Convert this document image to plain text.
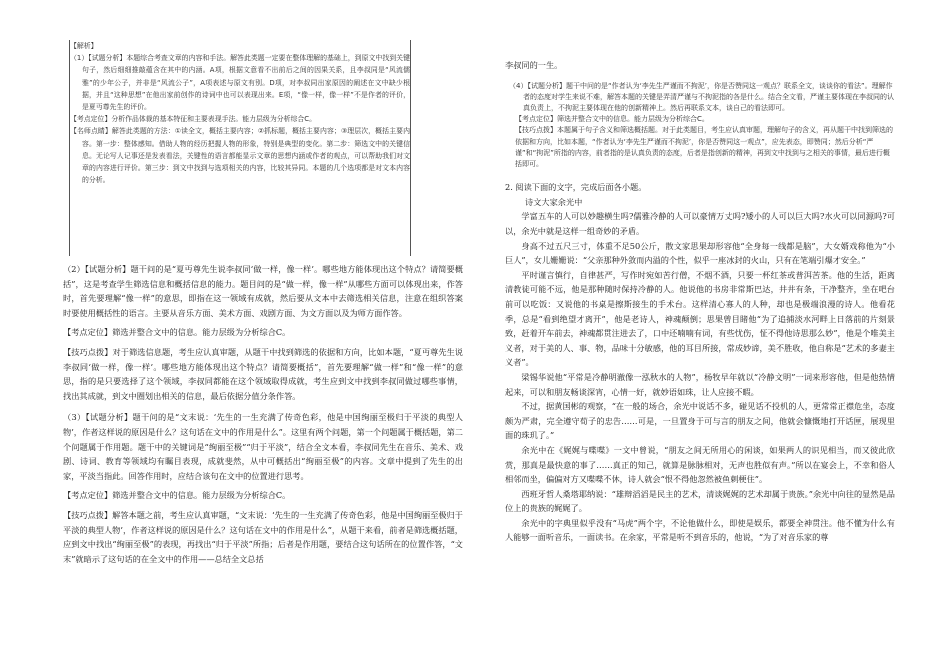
【解析】

（1）【试题分析】本题综合考查文章的内容和手法。解答此类题一定要在整体理解的基础上，到原文中找到关键句子，然后细细推敲蕴含在其中的内涵。A项，根据文意看不出前后之间的因果关系，且李叔同是“风流儒雅”的少年公子，并非是“风流公子”，A项表述与原文有别。D项，对李叔同出家原因的阐述在文中缺少根据，并且“这种思想”在他出家前创作的诗词中也可以表现出来。E项，“像一样，像一样”不是作者的评价，是夏丏尊先生的评价。

【考点定位】分析作品体裁的基本特征和主要表现手法。能力层级为分析综合C。

【名师点睛】解答此类题的方法：①读全文，概括主要内容；②抓标题，概括主要内容；③理层次，概括主要内容。第一步：整体感知。借助人物的经历把握人物的形象，特别是典型的变化。第二步：筛选文中的关键信息。无论写人记事还是发表看法，关键性的语言都能显示文章的思想内涵或作者的观点，可以帮助我们对文章的内容进行评价。第三步：到文中找到与选项相关的内容，比较其异同。本题的几个选项都是对文本内容的分析。

（2）【试题分析】题干问的是“夏丏尊先生说李叔同‘做一样，像一样’。哪些地方能体现出这个特点？请简要概括”，这是考查学生筛选信息和概括信息的能力。题目问的是“做一样，像一样”从哪些方面可以体现出来，作答时，首先要理解“像一样”的意思，即指在这一领域有成就，然后要从文本中去筛选相关信息，注意在组织答案时要使用概括性的语言。主要从音乐方面、美术方面、戏剧方面、为文方面以及为师方面作答。

【考点定位】筛选并整合文中的信息。能力层级为分析综合C。

【技巧点拨】对于筛选信息题，考生应认真审题，从题干中找到筛选的依据和方向，比如本题，“夏丏尊先生说李叔同‘做一样，像一样’。哪些地方能体现出这个特点？请简要概括”，首先要理解“做一样”和“像一样”的意思，指的是只要选择了这个领域，李叔同都能在这个领域取得成就，考生应到文中找到李叔同做过哪些事情，找出其成就，到文中圈划出相关的信息，最后依据分值分条作答。

（3）【试题分析】题干问的是“文末说：‘先生的一生充满了传奇色彩，他是中国绚丽至极归于平淡的典型人物’，作者这样说的原因是什么？这句话在文中的作用是什么”。这里有两个问题，第一个问题属于概括题，第二个问题属于作用题。题干中的关键词是“绚丽至极”“归于平淡”，结合全文本看，李叔同先生在音乐、美术、戏剧、诗词、教育等领域均有瞩目表现，成就斐然，从中可概括出“绚丽至极”的内容。文章中提到了先生的出家，平淡当指此。回答作用时，应结合该句在文中的位置进行思考。

【考点定位】筛选并整合文中的信息。能力层级为分析综合C。

【技巧点拨】解答本题之前，考生应认真审题，“文末说：‘先生的一生充满了传奇色彩，他是中国绚丽至极归于平淡的典型人物’，作者这样说的原因是什么？这句话在文中的作用是什么”，从题干来看，前者是筛选概括题，应到文中找出“绚丽至极”的表现，再找出“归于平淡”所指；后者是作用题，要结合这句话所在的位置作答，“文末”就暗示了这句话的在全文中的作用——总结全文总括

李叔同的一生。

（4）【试题分析】题干中问的是“作者认为‘李先生严谨而不拘泥’，你是否赞同这一观点？联系全文，谈谈你的看法”。理解作者的态度对学生来说不难，解答本题的关键是弄清严谨与不拘泥指的各是什么。结合全文看，严谨主要体现在李叔同的认真负责上，不拘泥主要体现在他的创新精神上。然后再联系文本，谈自己的看法即可。

【考点定位】筛选并整合文中的信息。能力层级为分析综合C。

【技巧点拨】本题属于句子含义和筛选概括题。对于此类题目，考生应认真审题，理解句子的含义，再从题干中找到筛选的依据和方向，比如本题，“作者认为‘李先生严谨而不拘泥’，你是否赞同这一观点”，应先表态，即赞同；然后分析“严谨”和“拘泥”所指的内容，前者指的是认真负责的态度，后者是指创新的精神，再到文中找到与之相关的事情，最后进行概括即可。

2. 阅读下面的文字，完成后面各小题。

诗文大家余光中

学富五车的人可以妙趣横生吗?儒雅冷静的人可以豪情万丈吗?矮小的人可以巨大吗?水火可以同源吗?可以，余光中就是这样一组奇妙的矛盾。

身高不过五尺三寸，体重不足50公斤，散文家思果却形容他“全身每一线都是脑”，大女婿戏称他为“小巨人”，女儿姗姗说：“父亲那种外敛而内溢的个性，似乎一座冰封的火山，只有在笔端引爆才安全。”

平时谨言慎行，自律甚严，写作时宛如苦行僧，不烟不酒，只要一杯红茶或普洱苦茶。他的生活，距离清教徒可能不远，他是那种随时保持冷静的人。他说他的书房非常斯巴达，井井有条，干净整齐，坐在吧台前可以吃饭：又说他的书桌是擦斯接生的手术台。这样清心寡人的人种，却也是极端浪漫的诗人。他看花季，总是“看到绝望才离开”，他是老诗人，神魂颠倒；思果曾目睹他“为了追捕淡水河畔上日落前的片刻景致，赶着开车前去，神魂都贯注进去了，口中还喃喃有词，有些忧伤，怔不得他诗思那么妙”，他是个唯美主义者，对于美的人、事、物，品味十分敏感，他的耳目所接，常成妙谛，美不胜收，他自称是“艺术的多妻主义者”。

梁锡华说他“平常是冷静明澈像一泓秋水的人物”，杨牧早年就以“冷静文明”一词来形容他，但是他热情起来，可以和朋友畅谈深宵，心情一好，就妙语如珠，让人应接不暇。

不过，据黄国彬的观察，“在一般的场合，余光中说话不多，碰见话不投机的人，更常常正襟危坐，态度颇为严肃，完全遵守荀子的忠告……可是，一旦置身于可与言的朋友之间，他就会慷慨地打开话匣，展现里面的珠玑了。”

余光中在《娓娓与喋喋》一文中曾说，“朋友之间无所用心的闲谈，如果两人的识见相当，而又彼此欣赏，那真是最快意的事了……真正的知己，就算是脉脉相对，无声也胜似有声。”所以在宴会上，不幸和俗人相邻而坐，偏偏对方又喋喋不休，诗人就会“恨不得他忽然被鱼刺梗住”。

西班牙哲人桑塔耶纳说：“雄辩滔滔是民主的艺术，清谈娓娓的艺术却属于贵族。”余光中向往的显然是品位上的贵族的娓娓了。

余光中的字典里似乎没有“马虎”两个字，不论他做什么，即使是娱乐，都要全神贯注。他不懂为什么有人能够一面听音乐，一面读书。在余家，平常是听不到音乐的，他说，“为了对音乐家的尊
